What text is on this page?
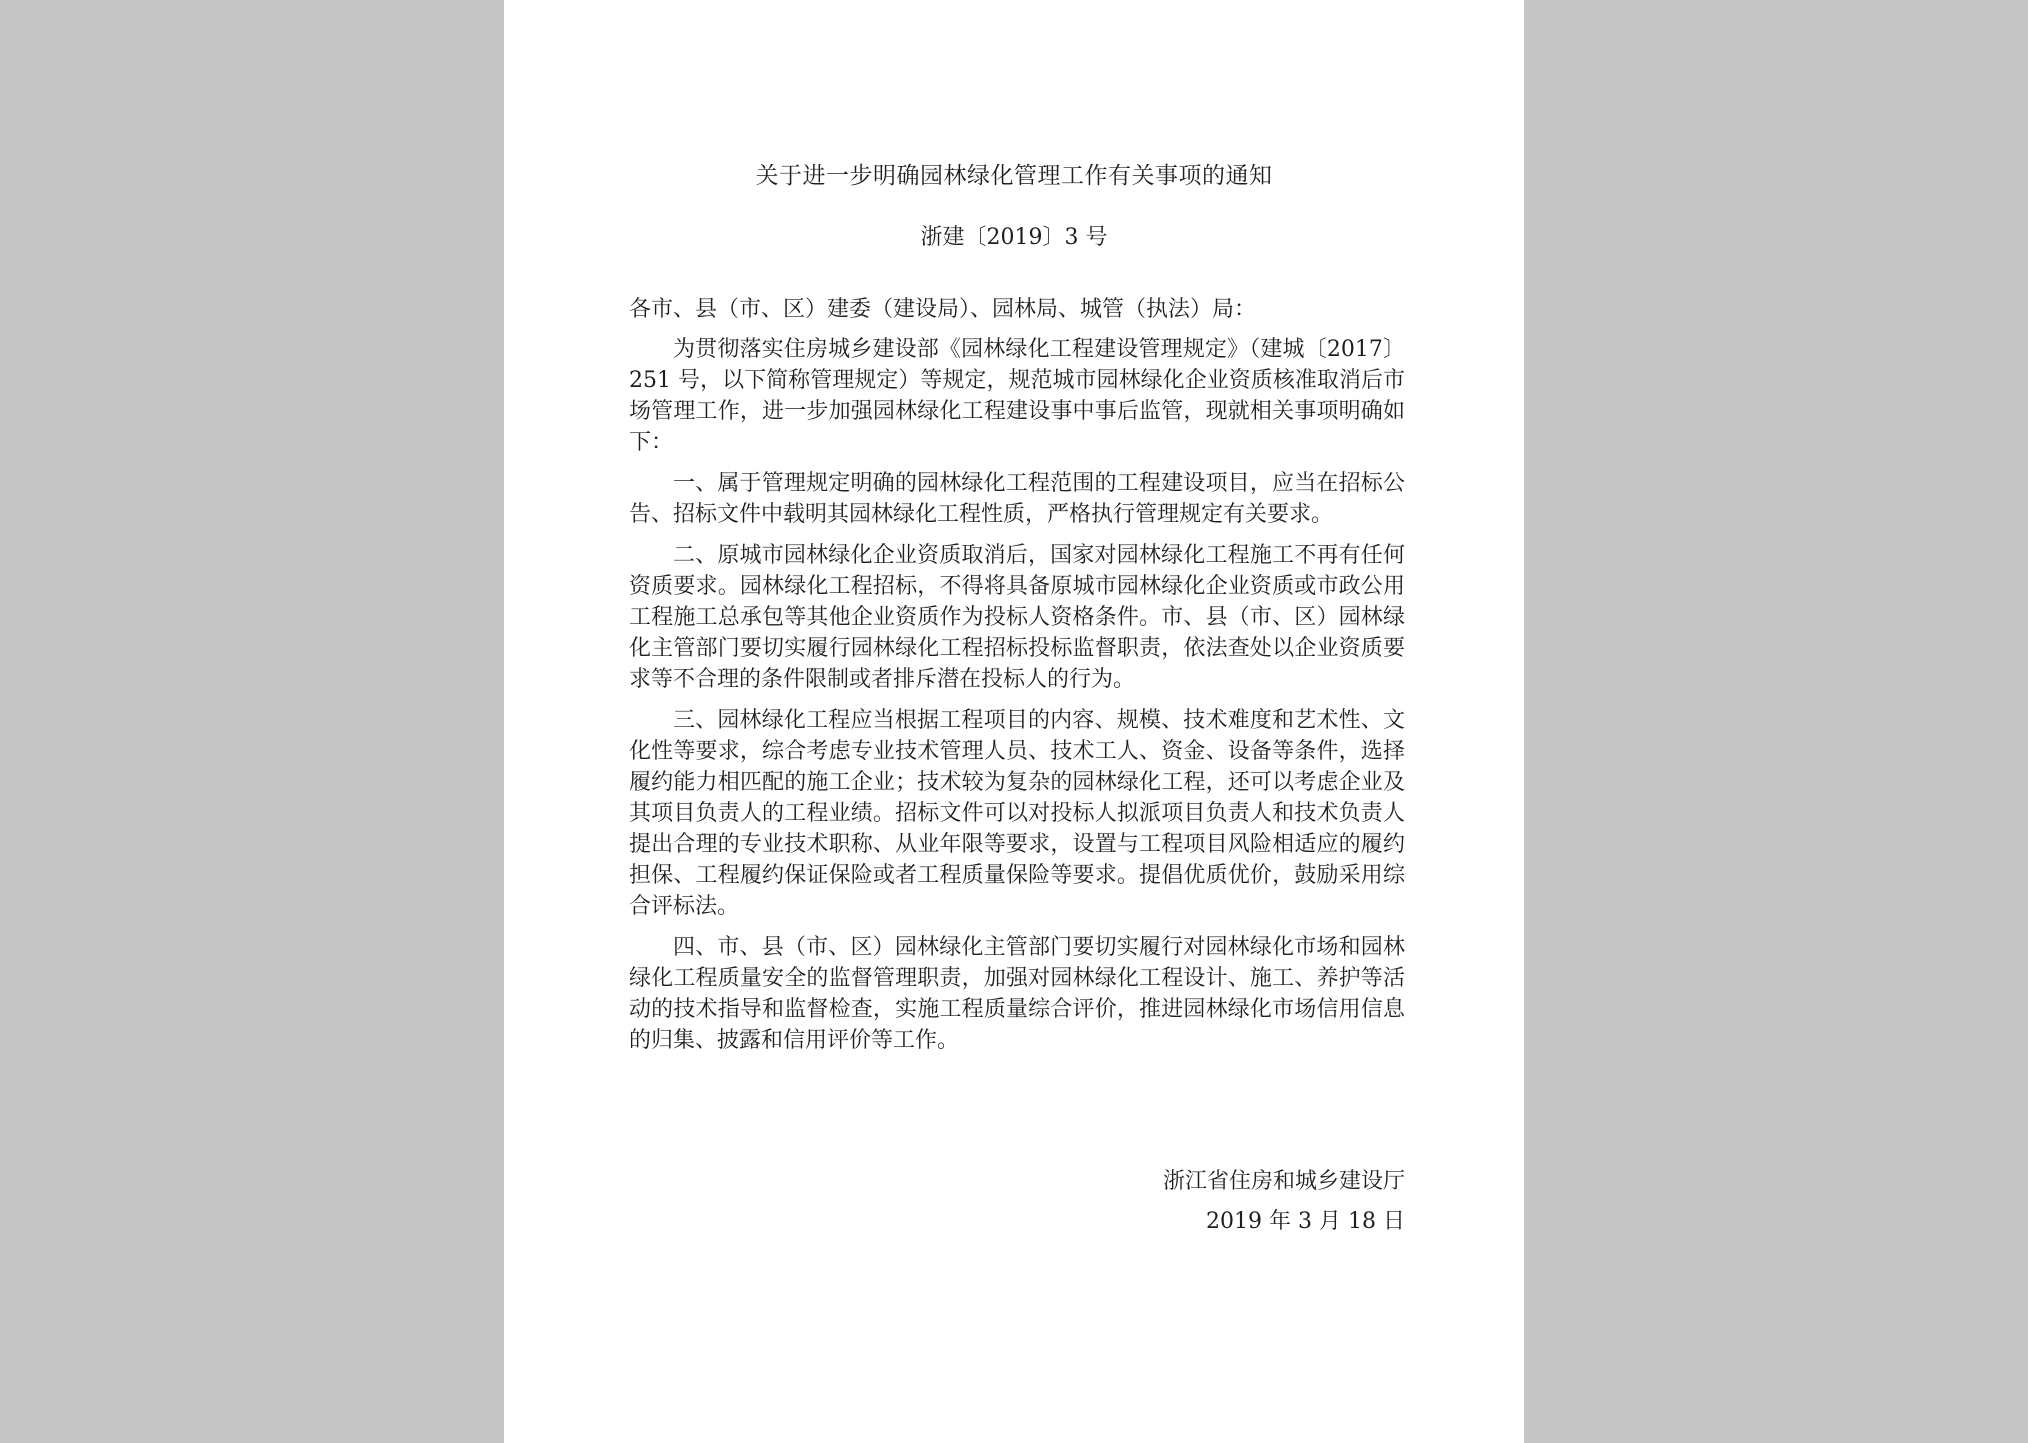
关于进一步明确园林绿化管理工作有关事项的通知
浙建〔2019〕3 号
各市、县（市、区）建委（建设局）、园林局、城管（执法）局：

为贯彻落实住房城乡建设部《园林绿化工程建设管理规定》（建城〔2017〕251 号，以下简称管理规定）等规定，规范城市园林绿化企业资质核准取消后市场管理工作，进一步加强园林绿化工程建设事中事后监管，现就相关事项明确如下：

一、属于管理规定明确的园林绿化工程范围的工程建设项目，应当在招标公告、招标文件中载明其园林绿化工程性质，严格执行管理规定有关要求。

二、原城市园林绿化企业资质取消后，国家对园林绿化工程施工不再有任何资质要求。园林绿化工程招标，不得将具备原城市园林绿化企业资质或市政公用工程施工总承包等其他企业资质作为投标人资格条件。市、县（市、区）园林绿化主管部门要切实履行园林绿化工程招标投标监督职责，依法查处以企业资质要求等不合理的条件限制或者排斥潜在投标人的行为。

三、园林绿化工程应当根据工程项目的内容、规模、技术难度和艺术性、文化性等要求，综合考虑专业技术管理人员、技术工人、资金、设备等条件，选择履约能力相匹配的施工企业；技术较为复杂的园林绿化工程，还可以考虑企业及其项目负责人的工程业绩。招标文件可以对投标人拟派项目负责人和技术负责人提出合理的专业技术职称、从业年限等要求，设置与工程项目风险相适应的履约担保、工程履约保证保险或者工程质量保险等要求。提倡优质优价，鼓励采用综合评标法。

四、市、县（市、区）园林绿化主管部门要切实履行对园林绿化市场和园林绿化工程质量安全的监督管理职责，加强对园林绿化工程设计、施工、养护等活动的技术指导和监督检查，实施工程质量综合评价，推进园林绿化市场信用信息的归集、披露和信用评价等工作。

浙江省住房和城乡建设厅
2019 年 3 月 18 日
